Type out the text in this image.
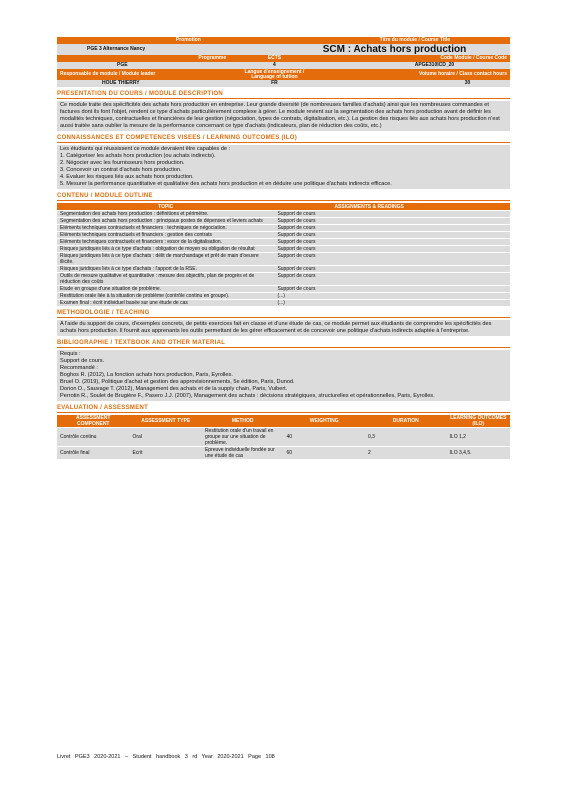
Promotion		Titre du module / Course Title
PGE 3 Alternance Nancy		SCM : Achats hors production
Programme	ECTS	Code Module / Course Code
PGE	4	APGE310ICD_20
Responsable de module / Module leader	Langue d'enseignement / Language of tuition	Volume horaire / Class contact hours
HOUE THIERRY	FR	30
PRESENTATION DU COURS / MODULE DESCRIPTION

Ce module traite des spécificités des achats hors production en entreprise. Leur grande diversité (de nombreuses familles d'achats) ainsi que les nombreuses commandes et factures dont ils font l'objet, rendent ce type d'achats particulièrement complexe à gérer. Le module revient sur la segmentation des achats hors production avant de définir les modalités techniques, contractuelles et financières de leur gestion (négociation, types de contrats, digitalisation, etc.). La gestion des risques liés aux achats hors production n'est aussi traitée sans oublier la mesure de la performance concernant ce type d'achats (indicateurs, plan de réduction des coûts, etc.)

CONNAISSANCES ET COMPETENCES VISEES / LEARNING OUTCOMES (ILO)

Les étudiants qui réussissent ce module devraient être capables de :

1. Catégoriser les achats hors production (ou achats indirects).

2. Négocier avec les fournisseurs hors production.

3. Concevoir un contrat d'achats hors production.

4. Evaluer les risques liés aux achats hors production.

5. Mesurer la performance quantitative et qualitative des achats hors production et en déduire une politique d'achats indirects efficace.

CONTENU / MODULE OUTLINE
TOPIC	ASSIGNMENTS & READINGS
Segmentation des achats hors production : définitions et périmètre.	Support de cours
Segmentation des achats hors production : principaux postes de dépenses et leviers achats	Support de cours
Eléments techniques contractuels et financiers : techniques de négociation.	Support de cours
Eléments techniques contractuels et financiers : gestion des contrats	Support de cours
Eléments techniques contractuels et financiers : essor de la digitalisation.	Support de cours
Risques juridiques liés à ce type d'achats : obligation de moyen ou obligation de résultat	Support de cours
Risques juridiques liés à ce type d'achats : délit de marchandage et prêt de main d'oeuvre illicite.	Support de cours
Risques juridiques liés à ce type d'achats : l'apport de la RSE.	Support de cours
Outils de mesure qualitative et quantitative : mesure des objectifs, plan de progrès et de réduction des coûts	Support de cours
Etude en groupe d'une situation de problème.	Support de cours
Restitution orale liée à la situation de problème (contrôle continu en groupe).	(...)
Examen final : écrit individuel basée sur une étude de cas	(...)
METHODOLOGIE / TEACHING

A l'aide du support de cours, d'exemples concrets, de petits exercices fait en classe et d'une étude de cas, ce module permet aux étudiants de comprendre les spécificités des achats hors production. Il fournit aux apprenants les outils permettant de les gérer efficacement et de concevoir une politique d'achats indirects adaptée à l'entreprise.

BIBLIOGRAPHIE / TEXTBOOK AND OTHER MATERIAL

Requis :

Support de cours.

Recommandé :

Boghos R. (2012), La fonction achats hors production, Paris, Eyrolles.

Bruel O. (2019), Politique d'achat et gestion des approvisionnements, 5e édition, Paris, Dunod.

Dorion D., Sauvage T. (2012), Management des achats et de la supply chain, Paris, Vuibert.

Perrotin R., Soulet de Brugière F., Pasero J.J. (2007), Management des achats : décisions stratégiques, structurelles et opérationnelles, Paris, Eyrolles.

EVALUATION / ASSESSMENT
ASSESSMENT COMPONENT	ASSESSMENT TYPE	METHOD	WEIGHTING	DURATION	LEARNING OUTCOMES (ILO)
Contrôle continu	Oral	Restitution orale d'un travail en groupe sur une situation de problème.	40	0,3	ILO 1,2
Contrôle final	Ecrit	Epreuve individuelle fondée sur une étude de cas	60	2	ILO 3,4,5.
Livret PGE3 2020-2021 – Student handbook 3 rd Year 2020-2021 Page 108
